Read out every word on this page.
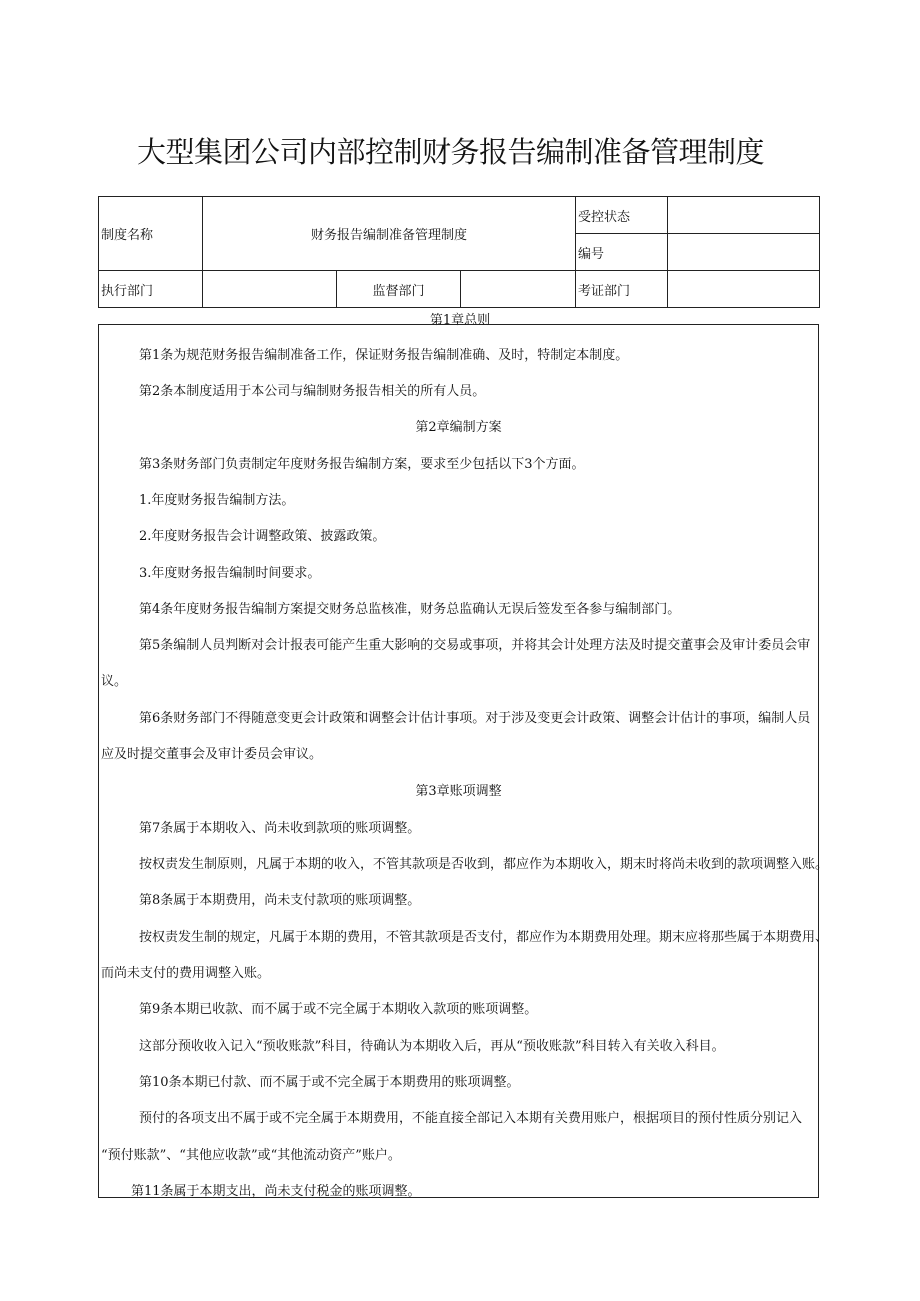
大型集团公司内部控制财务报告编制准备管理制度
制度名称	财务报告编制准备管理制度			受控状态	
				编号	
执行部门		监督部门		考证部门	
第1章总则
第1条为规范财务报告编制准备工作，保证财务报告编制准确、及时，特制定本制度。
第2条本制度适用于本公司与编制财务报告相关的所有人员。
第2章编制方案
第3条财务部门负责制定年度财务报告编制方案，要求至少包括以下3个方面。
1.年度财务报告编制方法。
2.年度财务报告会计调整政策、披露政策。
3.年度财务报告编制时间要求。
第4条年度财务报告编制方案提交财务总监核准，财务总监确认无误后签发至各参与编制部门。
第5条编制人员判断对会计报表可能产生重大影响的交易或事项，并将其会计处理方法及时提交董事会及审计委员会审
议。
第6条财务部门不得随意变更会计政策和调整会计估计事项。对于涉及变更会计政策、调整会计估计的事项，编制人员
应及时提交董事会及审计委员会审议。
第3章账项调整
第7条属于本期收入、尚未收到款项的账项调整。
按权责发生制原则，凡属于本期的收入，不管其款项是否收到，都应作为本期收入，期末时将尚未收到的款项调整入账。
第8条属于本期费用，尚未支付款项的账项调整。
按权责发生制的规定，凡属于本期的费用，不管其款项是否支付，都应作为本期费用处理。期末应将那些属于本期费用、
而尚未支付的费用调整入账。
第9条本期已收款、而不属于或不完全属于本期收入款项的账项调整。
这部分预收收入记入“预收账款”科目，待确认为本期收入后，再从“预收账款”科目转入有关收入科目。
第10条本期已付款、而不属于或不完全属于本期费用的账项调整。
预付的各项支出不属于或不完全属于本期费用，不能直接全部记入本期有关费用账户，根据项目的预付性质分别记入
“预付账款”、“其他应收款”或“其他流动资产”账户。
第11条属于本期支出，尚未支付税金的账项调整。
